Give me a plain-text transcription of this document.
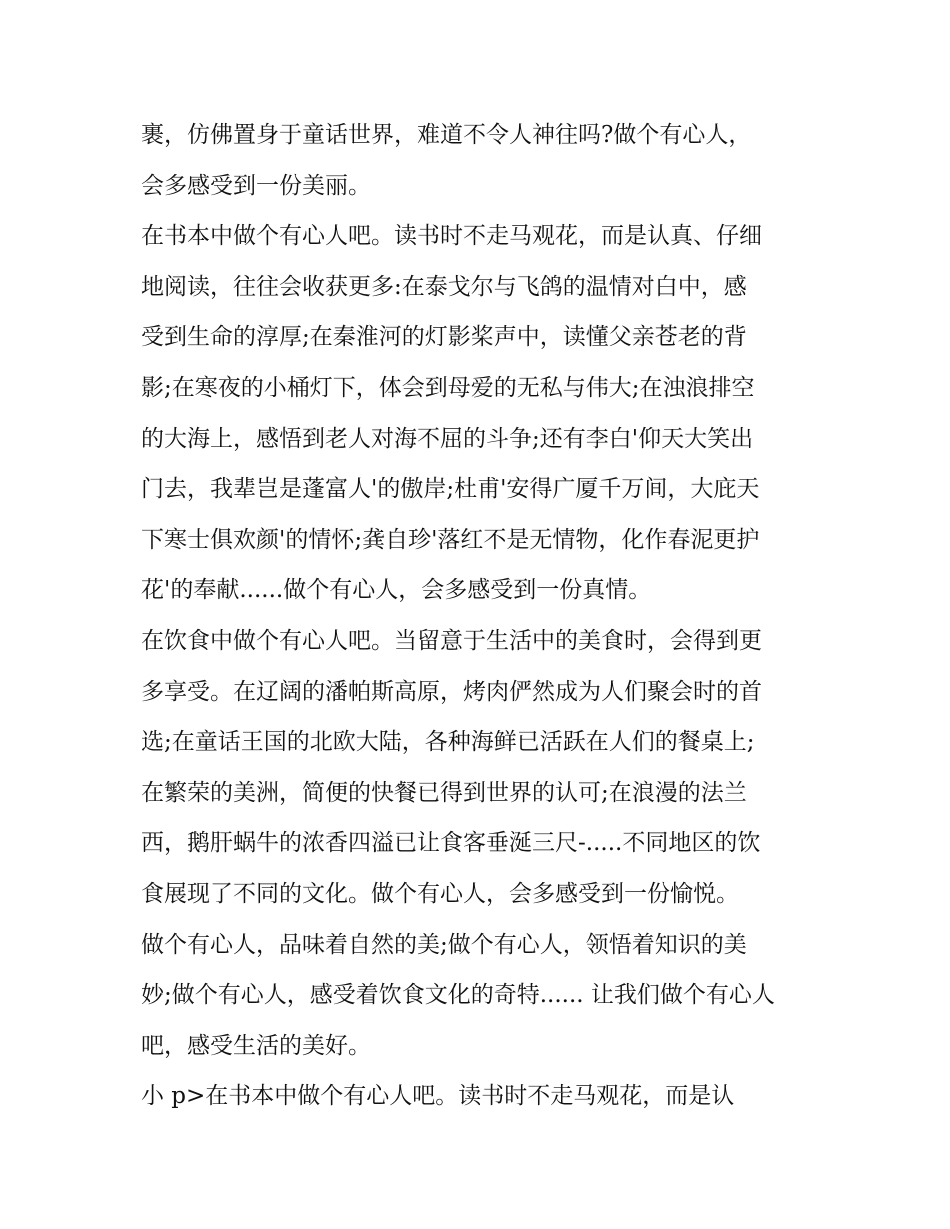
裹，仿佛置身于童话世界，难道不令人神往吗?做个有心人，
会多感受到一份美丽。
在书本中做个有心人吧。读书时不走马观花，而是认真、仔细
地阅读，往往会收获更多:在泰戈尔与飞鸽的温情对白中，感
受到生命的淳厚;在秦淮河的灯影桨声中，读懂父亲苍老的背
影;在寒夜的小桶灯下，体会到母爱的无私与伟大;在浊浪排空
的大海上，感悟到老人对海不屈的斗争;还有李白'仰天大笑出
门去，我辈岂是蓬富人'的傲岸;杜甫'安得广厦千万间，大庇天
下寒士俱欢颜'的情怀;龚自珍'落红不是无情物，化作春泥更护
花'的奉献......做个有心人，会多感受到一份真情。
在饮食中做个有心人吧。当留意于生活中的美食时，会得到更
多享受。在辽阔的潘帕斯高原，烤肉俨然成为人们聚会时的首
选;在童话王国的北欧大陆，各种海鲜已活跃在人们的餐桌上;
在繁荣的美洲，简便的快餐已得到世界的认可;在浪漫的法兰
西，鹅肝蜗牛的浓香四溢已让食客垂涎三尺-.....不同地区的饮
食展现了不同的文化。做个有心人，会多感受到一份愉悦。
做个有心人，品味着自然的美;做个有心人，领悟着知识的美
妙;做个有心人，感受着饮食文化的奇特...... 让我们做个有心人
吧，感受生活的美好。
小 p>在书本中做个有心人吧。读书时不走马观花，而是认
